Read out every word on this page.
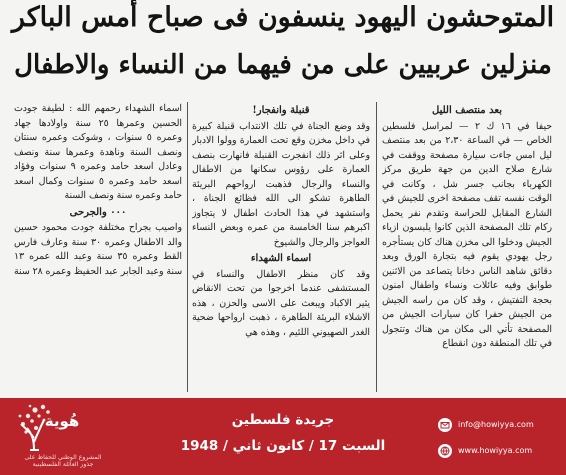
المتوحشون اليهود ينسفون فى صباح أمس الباكر
منزلين عربيين على من فيهما من النساء والاطفال

بعد منتصف الليل

حيفا في ١٦ ك ٢ — لمراسل فلسطين الخاص — في الساعة ٢،٣٠ من بعد منتصف ليل امس جاءت سيارة مصفحة ووقفت في شارع صلاح الدين من جهة طريق مركز الكهرباء بجانب جسر شل ، وكانت في الوقت نفسه تقف مصفحة اخرى للجيش في الشارع المقابل للحراسة وتقدم نفر يحمل ركام تلك المصفحة الذين كانوا يلبسون ازياء الجيش ودخلوا الى مخزن هناك كان يستأجره رجل يهودي يقوم فيه بتجارة الورق وبعد دقائق شاهد الناس دخانا يتصاعد من الاثنين طوابق وفيه عائلات ونساء واطفال امنون بحجة التفتيش ، وقد كان من راسه الجيش من الجيش حفرا كان سيارات الجيش من المصفحة تأتي الى مكان من هناك وتتجول في تلك المنطقة دون انقطاع

قنبلة وانفجار!

وقد وضع الجناة في تلك الانتداب قنبلة كبيرة في داخل مخزن وقع تحت العمارة وولوا الادبار وعلى اثر ذلك انفجرت القنبلة فانهارت بنصف العمارة على رؤوس سكانها من الاطفال والنساء والرجال فذهبت ارواحهم البريئة الطاهرة تشكو الى الله فظائع الجناة ، واستشهد في هذا الحادث اطفال لا يتجاوز اكبرهم سنا الخامسة من عمره وبعض النساء العواجز والرجال والشيوخ

اسماء الشهداء

وقد كان منظر الاطفال والنساء في المستشفى عندما اخرجوا من تحت الانقاض يثير الاكباد ويبعث على الاسى والحزن ، هذه الاشلاء البريئة الطاهرة ، ذهبت ارواحها ضحية الغدر الصهيوني اللئيم ، وهذه هي

اسماء الشهداء رحمهم الله : لطيفة جودت الحسين وعمرها ٢٥ سنة واولادها جهاد وعمره ٥ سنوات ، وشوكت وعمره سنتان ونصف السنة وناهدة وعمرها سنة ونصف وعادل اسعد حامد وعمره ٩ سنوات وفؤاد اسعد حامد وعمره ٥ سنوات وكمال اسعد حامد وعمره سنة ونصف السنة

٠٠٠ والجرحى

واصيب بجراح مختلفة جودت محمود حسين والد الاطفال وعمره ٣٠ سنة وعارف فارس القط وعمره ٣٥ سنة وعبد الله عمره ١٣ سنة وعبد الجابر عبد الحفيظ وعمره ٢٨ سنة

هُوية
المشروع الوطني للحفاظ على
جذور العائلة الفلسطينية
جريدة فلسطين
السبت 17 / كانون ثاني / 1948
info@howiyya.com
www.howiyya.com
